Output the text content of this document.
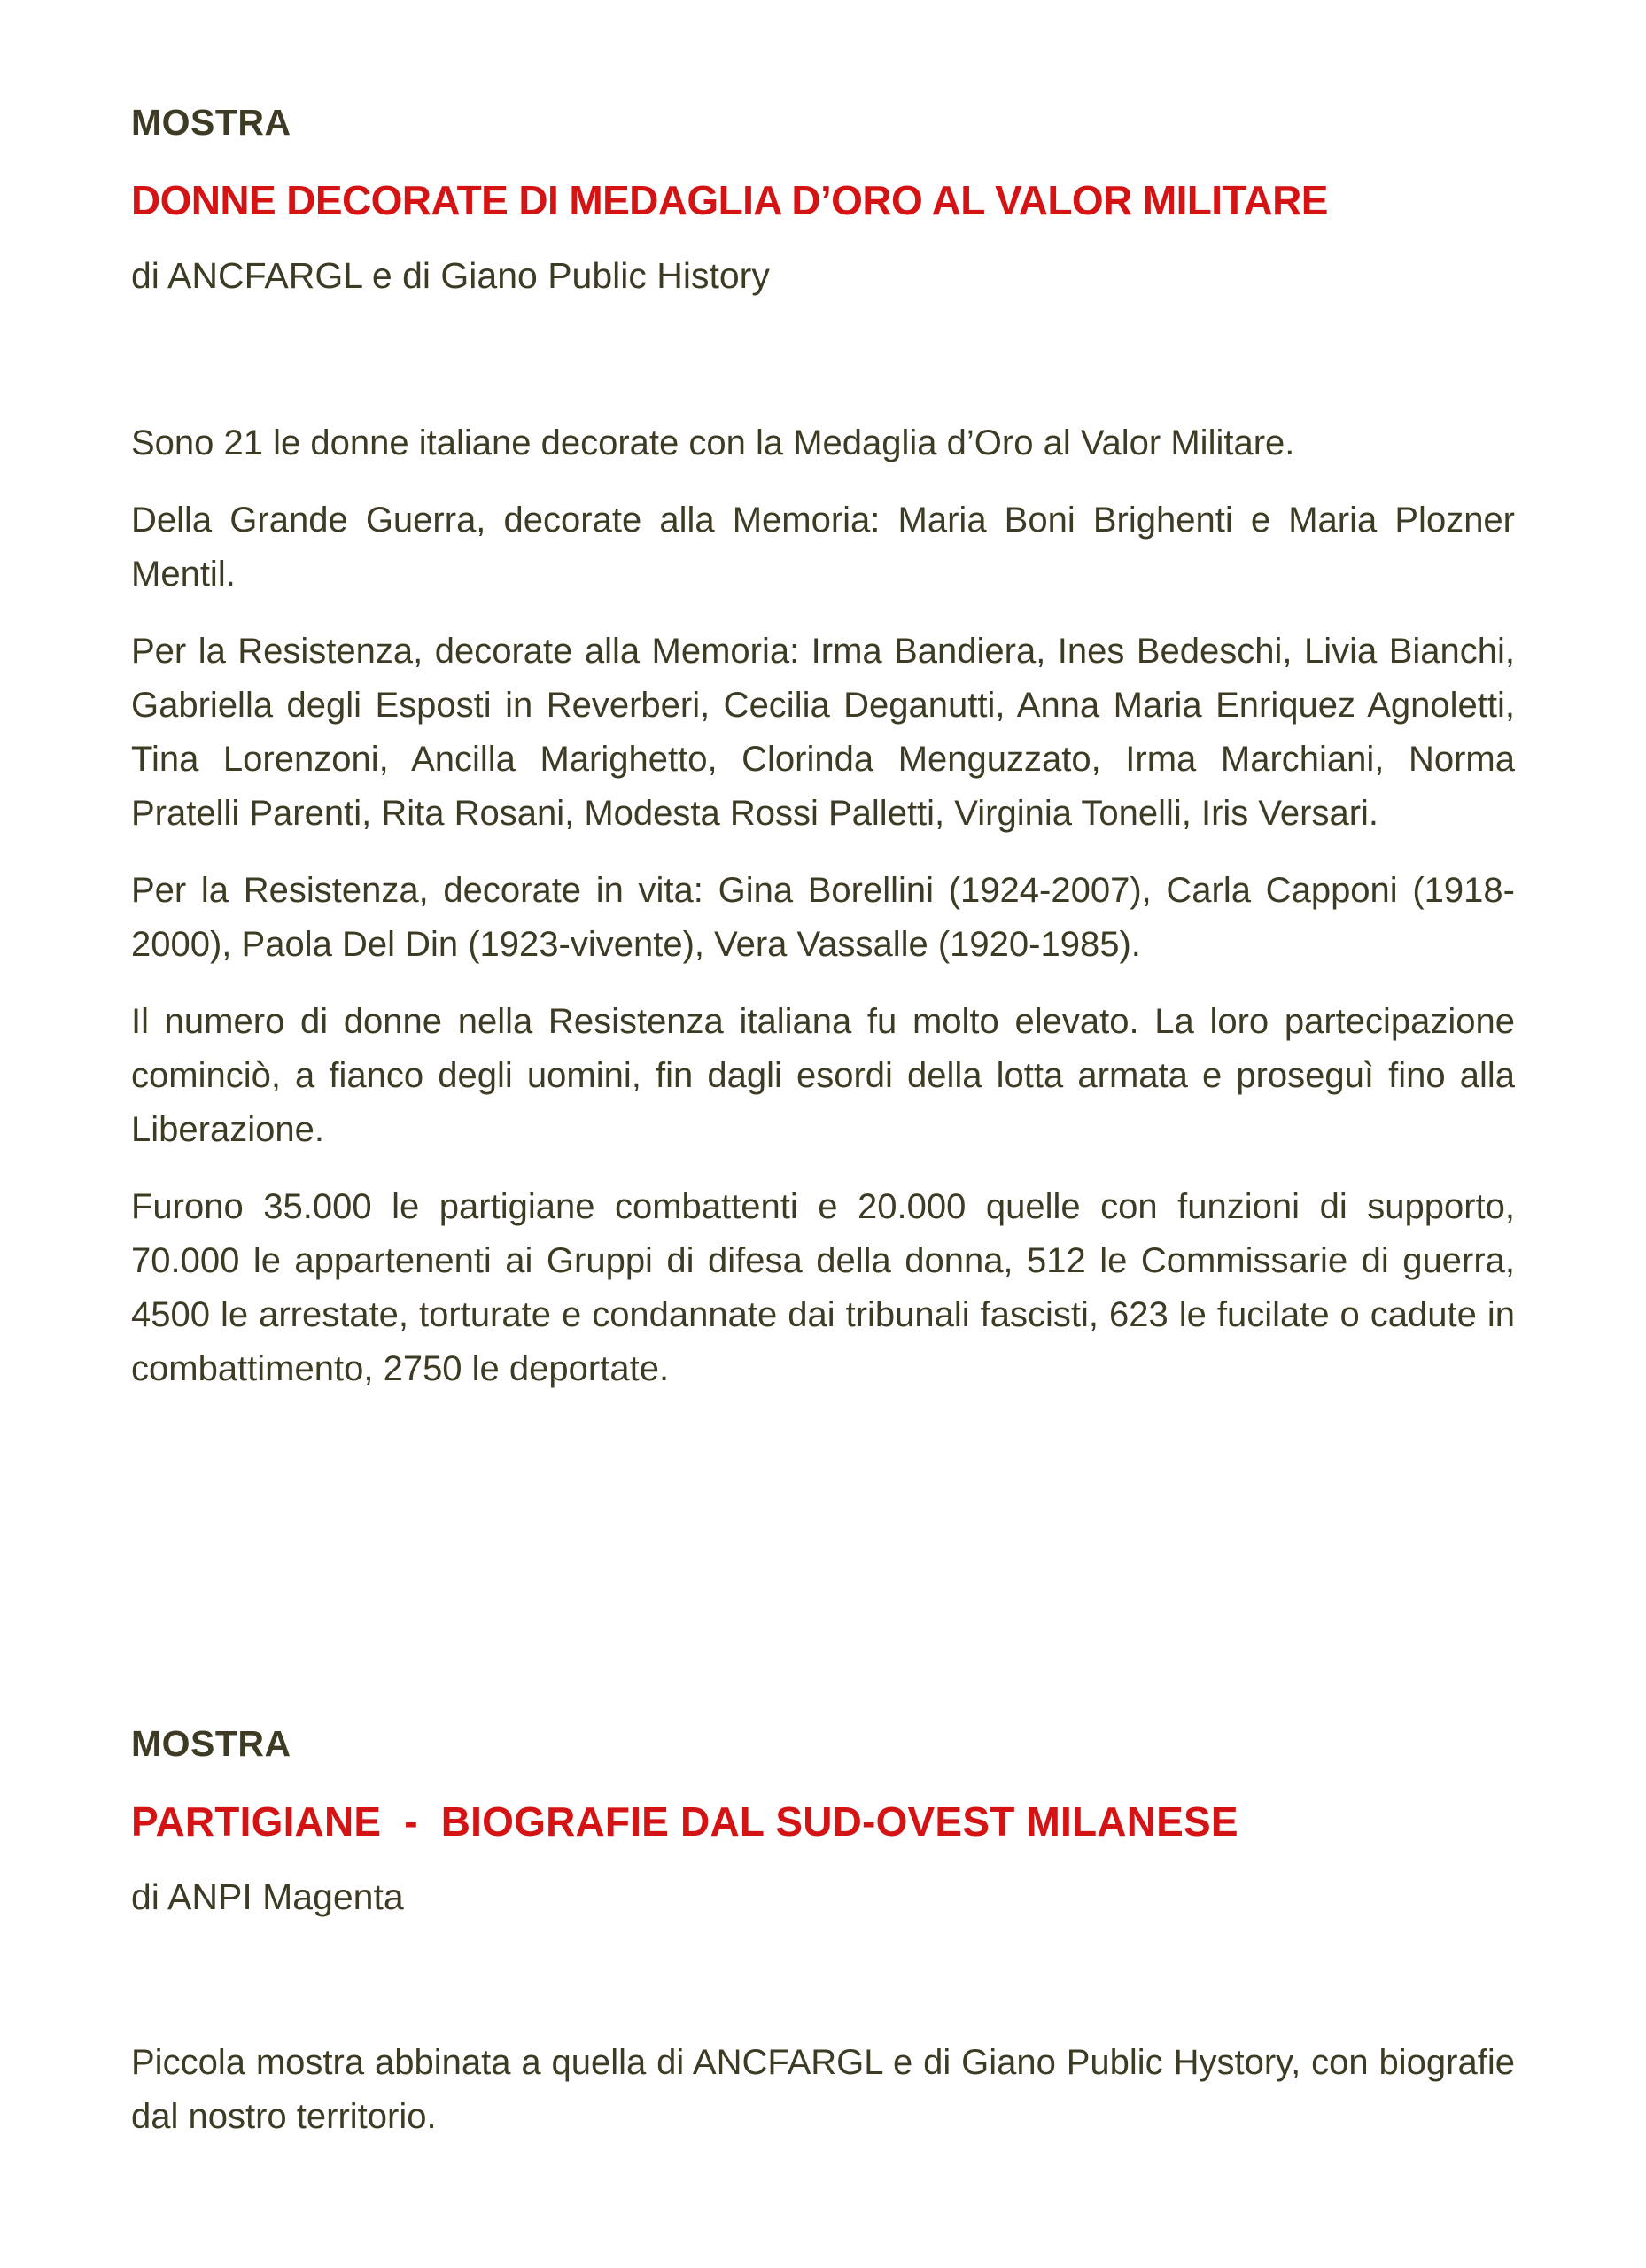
MOSTRA

DONNE DECORATE DI MEDAGLIA D’ORO AL VALOR MILITARE

di ANCFARGL e di Giano Public History

Sono 21 le donne italiane decorate con la Medaglia d’Oro al Valor Militare.

Della Grande Guerra, decorate alla Memoria: Maria Boni Brighenti e Maria Plozner Mentil.

Per la Resistenza, decorate alla Memoria: Irma Bandiera, Ines Bedeschi, Livia Bianchi, Gabriella degli Esposti in Reverberi, Cecilia Deganutti, Anna Maria Enriquez Agnoletti, Tina Lorenzoni, Ancilla Marighetto, Clorinda Menguzzato, Irma Marchiani, Norma Pratelli Parenti, Rita Rosani, Modesta Rossi Palletti, Virginia Tonelli, Iris Versari.

Per la Resistenza, decorate in vita: Gina Borellini (1924-2007), Carla Capponi (1918-2000), Paola Del Din (1923-vivente), Vera Vassalle (1920-1985).

Il numero di donne nella Resistenza italiana fu molto elevato. La loro partecipazione cominciò, a fianco degli uomini, fin dagli esordi della lotta armata e proseguì fino alla Liberazione.

Furono 35.000 le partigiane combattenti e 20.000 quelle con funzioni di supporto, 70.000 le appartenenti ai Gruppi di difesa della donna, 512 le Commissarie di guerra, 4500 le arrestate, torturate e condannate dai tribunali fascisti, 623 le fucilate o cadute in combattimento, 2750 le deportate.

MOSTRA

PARTIGIANE  -  BIOGRAFIE DAL SUD-OVEST MILANESE

di ANPI Magenta

Piccola mostra abbinata a quella di ANCFARGL e di Giano Public Hystory, con biografie dal nostro territorio.
